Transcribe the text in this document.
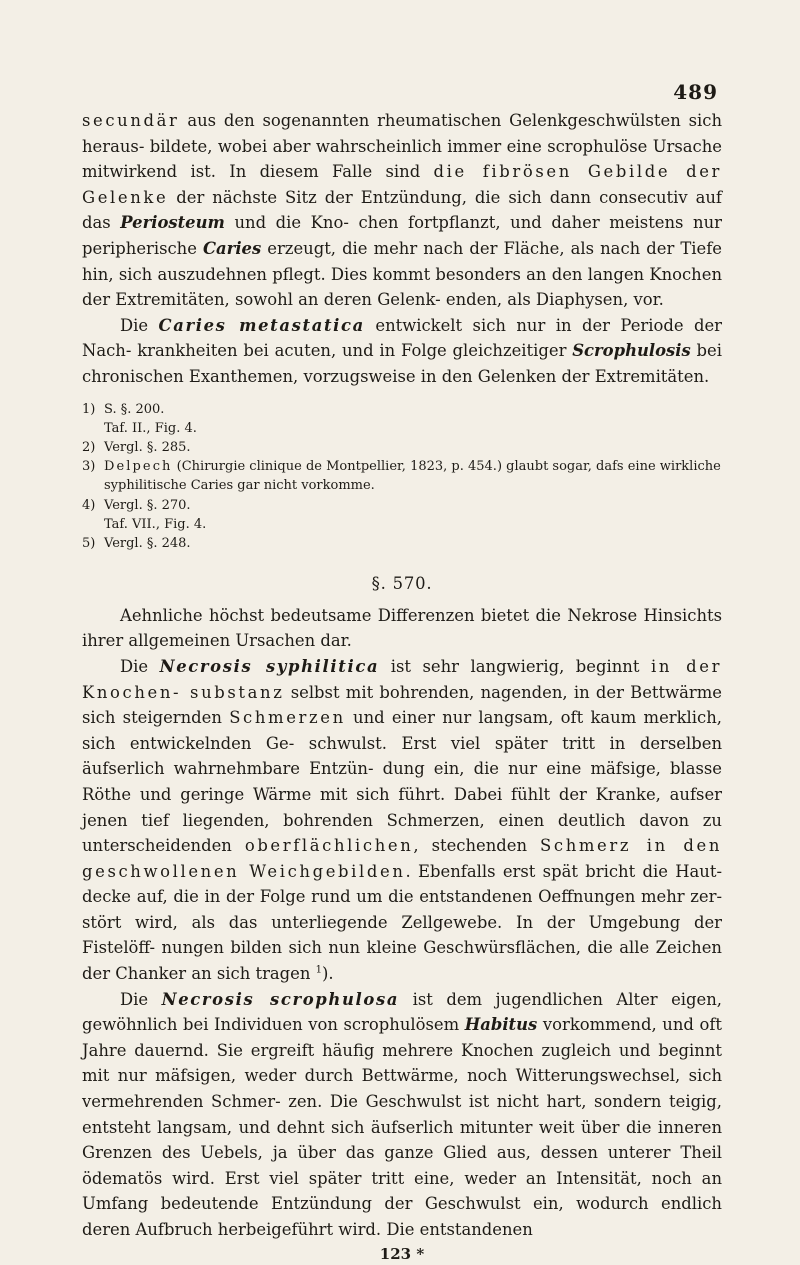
489

secundär aus den sogenannten rheumatischen Gelenkgeschwülsten sich heraus- bildete, wobei aber wahrscheinlich immer eine scrophulöse Ursache mitwirkend ist. In diesem Falle sind die fibrösen Gebilde der Gelenke der nächste Sitz der Entzündung, die sich dann consecutiv auf das Periosteum und die Kno- chen fortpflanzt, und daher meistens nur peripherische Caries erzeugt, die mehr nach der Fläche, als nach der Tiefe hin, sich auszudehnen pflegt. Dies kommt besonders an den langen Knochen der Extremitäten, sowohl an deren Gelenk- enden, als Diaphysen, vor.

Die Caries metastatica entwickelt sich nur in der Periode der Nach- krankheiten bei acuten, und in Folge gleichzeitiger Scrophulosis bei chronischen Exanthemen, vorzugsweise in den Gelenken der Extremitäten.

1) S. §. 200.
Taf. II., Fig. 4.
2) Vergl. §. 285.
3) Delpech (Chirurgie clinique de Montpellier, 1823, p. 454.) glaubt sogar, dafs eine wirkliche
syphilitische Caries gar nicht vorkomme.
4) Vergl. §. 270.
Taf. VII., Fig. 4.
5) Vergl. §. 248.
§. 570.

Aehnliche höchst bedeutsame Differenzen bietet die Nekrose Hinsichts ihrer allgemeinen Ursachen dar.

Die Necrosis syphilitica ist sehr langwierig, beginnt in der Knochen- substanz selbst mit bohrenden, nagenden, in der Bettwärme sich steigernden Schmerzen und einer nur langsam, oft kaum merklich, sich entwickelnden Ge- schwulst. Erst viel später tritt in derselben äufserlich wahrnehmbare Entzün- dung ein, die nur eine mäfsige, blasse Röthe und geringe Wärme mit sich führt. Dabei fühlt der Kranke, aufser jenen tief liegenden, bohrenden Schmerzen, einen deutlich davon zu unterscheidenden oberflächlichen, stechenden Schmerz in den geschwollenen Weichgebilden. Ebenfalls erst spät bricht die Haut- decke auf, die in der Folge rund um die entstandenen Oeffnungen mehr zer- stört wird, als das unterliegende Zellgewebe. In der Umgebung der Fistelöff- nungen bilden sich nun kleine Geschwürsflächen, die alle Zeichen der Chanker an sich tragen $^1$).

Die Necrosis scrophulosa ist dem jugendlichen Alter eigen, gewöhnlich bei Individuen von scrophulösem Habitus vorkommend, und oft Jahre dauernd. Sie ergreift häufig mehrere Knochen zugleich und beginnt mit nur mäfsigen, weder durch Bettwärme, noch Witterungswechsel, sich vermehrenden Schmer- zen. Die Geschwulst ist nicht hart, sondern teigig, entsteht langsam, und dehnt sich äufserlich mitunter weit über die inneren Grenzen des Uebels, ja über das ganze Glied aus, dessen unterer Theil ödematös wird. Erst viel später tritt eine, weder an Intensität, noch an Umfang bedeutende Entzündung der Geschwulst ein, wodurch endlich deren Aufbruch herbeigeführt wird. Die entstandenen

123 *
